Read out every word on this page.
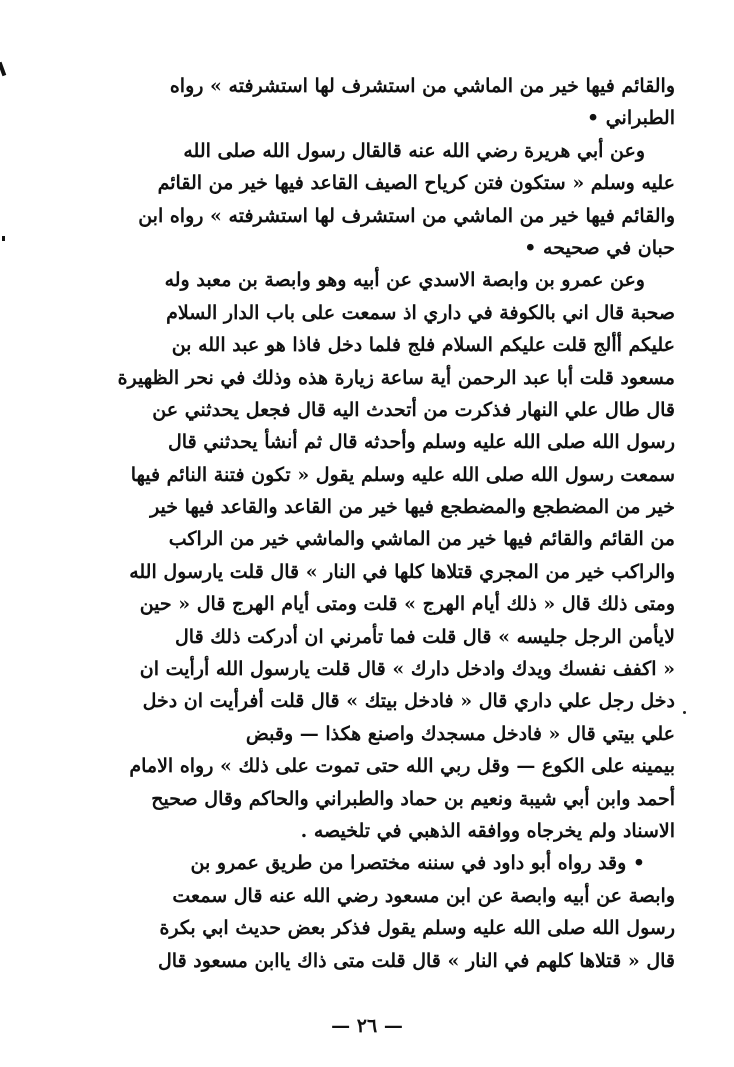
والقائم فيها خير من الماشي من استشرف لها استشرفته » رواه
الطبراني •
وعن أبي هريرة رضي الله عنه قالقال رسول الله صلى الله
عليه وسلم « ستكون فتن كرياح الصيف القاعد فيها خير من القائم
والقائم فيها خير من الماشي من استشرف لها استشرفته » رواه ابن
حبان في صحيحه •
وعن عمرو بن وابصة الاسدي عن أبيه وهو وابصة بن معبد وله
صحبة قال اني بالكوفة في داري اذ سمعت على باب الدار السلام
عليكم أألج قلت عليكم السلام فلج فلما دخل فاذا هو عبد الله بن
مسعود قلت أبا عبد الرحمن أية ساعة زيارة هذه وذلك في نحر الظهيرة
قال طال علي النهار فذكرت من أتحدث اليه قال فجعل يحدثني عن
رسول الله صلى الله عليه وسلم وأحدثه قال ثم أنشأ يحدثني قال
سمعت رسول الله صلى الله عليه وسلم يقول « تكون فتنة النائم فيها
خير من المضطجع والمضطجع فيها خير من القاعد والقاعد فيها خير
من القائم والقائم فيها خير من الماشي والماشي خير من الراكب
والراكب خير من المجري قتلاها كلها في النار » قال قلت يارسول الله
ومتى ذلك قال « ذلك أيام الهرج » قلت ومتى أيام الهرج قال « حين
لايأمن الرجل جليسه » قال قلت فما تأمرني ان أدركت ذلك قال
« اكفف نفسك ويدك وادخل دارك » قال قلت يارسول الله أرأيت ان
دخل رجل علي داري قال « فادخل بيتك » قال قلت أفرأيت ان دخل
علي بيتي قال « فادخل مسجدك واصنع هكذا — وقبض
بيمينه على الكوع — وقل ربي الله حتى تموت على ذلك » رواه الامام
أحمد وابن أبي شيبة ونعيم بن حماد والطبراني والحاكم وقال صحيح
الاسناد ولم يخرجاه ووافقه الذهبي في تلخيصه .
• وقد رواه أبو داود في سننه مختصرا من طريق عمرو بن
وابصة عن أبيه وابصة عن ابن مسعود رضي الله عنه قال سمعت
رسول الله صلى الله عليه وسلم يقول فذكر بعض حديث ابي بكرة
قال « قتلاها كلهم في النار » قال قلت متى ذاك ياابن مسعود قال
— ٢٦ —
